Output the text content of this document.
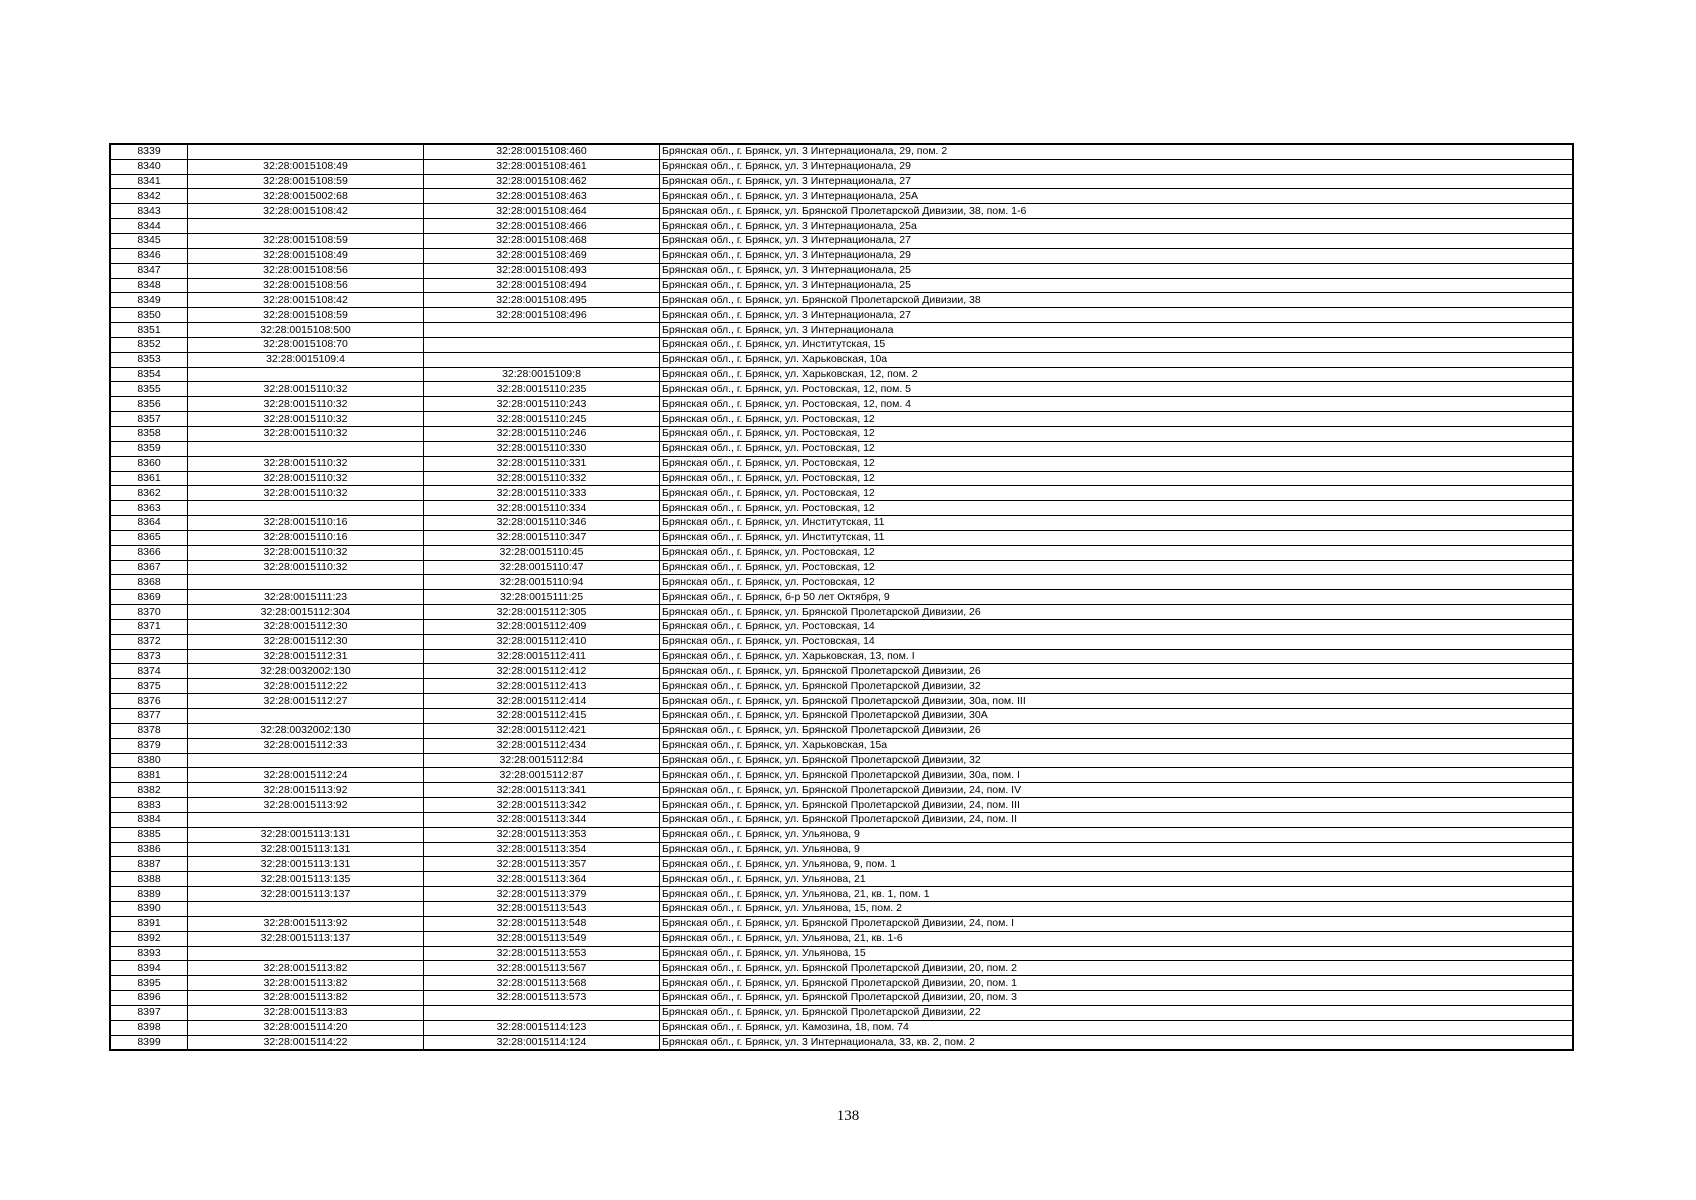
8339		32:28:0015108:460	Брянская обл., г. Брянск, ул. 3 Интернационала, 29, пом. 2
8340	32:28:0015108:49	32:28:0015108:461	Брянская обл., г. Брянск, ул. 3 Интернационала, 29
8341	32:28:0015108:59	32:28:0015108:462	Брянская обл., г. Брянск, ул. 3 Интернационала, 27
8342	32:28:0015002:68	32:28:0015108:463	Брянская обл., г. Брянск, ул. 3 Интернационала, 25А
8343	32:28:0015108:42	32:28:0015108:464	Брянская обл., г. Брянск, ул. Брянской Пролетарской Дивизии, 38, пом. 1-6
8344		32:28:0015108:466	Брянская обл., г. Брянск, ул. 3 Интернационала, 25а
8345	32:28:0015108:59	32:28:0015108:468	Брянская обл., г. Брянск, ул. 3 Интернационала, 27
8346	32:28:0015108:49	32:28:0015108:469	Брянская обл., г. Брянск, ул. 3 Интернационала, 29
8347	32:28:0015108:56	32:28:0015108:493	Брянская обл., г. Брянск, ул. 3 Интернационала, 25
8348	32:28:0015108:56	32:28:0015108:494	Брянская обл., г. Брянск, ул. 3 Интернационала, 25
8349	32:28:0015108:42	32:28:0015108:495	Брянская обл., г. Брянск, ул. Брянской Пролетарской Дивизии, 38
8350	32:28:0015108:59	32:28:0015108:496	Брянская обл., г. Брянск, ул. 3 Интернационала, 27
8351	32:28:0015108:500		Брянская обл., г. Брянск, ул. 3 Интернационала
8352	32:28:0015108:70		Брянская обл., г. Брянск, ул. Институтская, 15
8353	32:28:0015109:4		Брянская обл., г. Брянск, ул. Харьковская, 10а
8354		32:28:0015109:8	Брянская обл., г. Брянск, ул. Харьковская, 12, пом. 2
8355	32:28:0015110:32	32:28:0015110:235	Брянская обл., г. Брянск, ул. Ростовская, 12, пом. 5
8356	32:28:0015110:32	32:28:0015110:243	Брянская обл., г. Брянск, ул. Ростовская, 12, пом. 4
8357	32:28:0015110:32	32:28:0015110:245	Брянская обл., г. Брянск, ул. Ростовская, 12
8358	32:28:0015110:32	32:28:0015110:246	Брянская обл., г. Брянск, ул. Ростовская, 12
8359		32:28:0015110:330	Брянская обл., г. Брянск, ул. Ростовская, 12
8360	32:28:0015110:32	32:28:0015110:331	Брянская обл., г. Брянск, ул. Ростовская, 12
8361	32:28:0015110:32	32:28:0015110:332	Брянская обл., г. Брянск, ул. Ростовская, 12
8362	32:28:0015110:32	32:28:0015110:333	Брянская обл., г. Брянск, ул. Ростовская, 12
8363		32:28:0015110:334	Брянская обл., г. Брянск, ул. Ростовская, 12
8364	32:28:0015110:16	32:28:0015110:346	Брянская обл., г. Брянск, ул. Институтская, 11
8365	32:28:0015110:16	32:28:0015110:347	Брянская обл., г. Брянск, ул. Институтская, 11
8366	32:28:0015110:32	32:28:0015110:45	Брянская обл., г. Брянск, ул. Ростовская, 12
8367	32:28:0015110:32	32:28:0015110:47	Брянская обл., г. Брянск, ул. Ростовская, 12
8368		32:28:0015110:94	Брянская обл., г. Брянск, ул. Ростовская, 12
8369	32:28:0015111:23	32:28:0015111:25	Брянская обл., г. Брянск, б-р 50 лет Октября, 9
8370	32:28:0015112:304	32:28:0015112:305	Брянская обл., г. Брянск, ул. Брянской Пролетарской Дивизии, 26
8371	32:28:0015112:30	32:28:0015112:409	Брянская обл., г. Брянск, ул. Ростовская, 14
8372	32:28:0015112:30	32:28:0015112:410	Брянская обл., г. Брянск, ул. Ростовская, 14
8373	32:28:0015112:31	32:28:0015112:411	Брянская обл., г. Брянск, ул. Харьковская, 13, пом. I
8374	32:28:0032002:130	32:28:0015112:412	Брянская обл., г. Брянск, ул. Брянской Пролетарской Дивизии, 26
8375	32:28:0015112:22	32:28:0015112:413	Брянская обл., г. Брянск, ул. Брянской Пролетарской Дивизии, 32
8376	32:28:0015112:27	32:28:0015112:414	Брянская обл., г. Брянск, ул. Брянской Пролетарской Дивизии, 30а, пом. III
8377		32:28:0015112:415	Брянская обл., г. Брянск, ул. Брянской Пролетарской Дивизии, 30А
8378	32:28:0032002:130	32:28:0015112:421	Брянская обл., г. Брянск, ул. Брянской Пролетарской Дивизии, 26
8379	32:28:0015112:33	32:28:0015112:434	Брянская обл., г. Брянск, ул. Харьковская, 15а
8380		32:28:0015112:84	Брянская обл., г. Брянск, ул. Брянской Пролетарской Дивизии, 32
8381	32:28:0015112:24	32:28:0015112:87	Брянская обл., г. Брянск, ул. Брянской Пролетарской Дивизии, 30а, пом. I
8382	32:28:0015113:92	32:28:0015113:341	Брянская обл., г. Брянск, ул. Брянской Пролетарской Дивизии, 24, пом. IV
8383	32:28:0015113:92	32:28:0015113:342	Брянская обл., г. Брянск, ул. Брянской Пролетарской Дивизии, 24, пом. III
8384		32:28:0015113:344	Брянская обл., г. Брянск, ул. Брянской Пролетарской Дивизии, 24, пом. II
8385	32:28:0015113:131	32:28:0015113:353	Брянская обл., г. Брянск, ул. Ульянова, 9
8386	32:28:0015113:131	32:28:0015113:354	Брянская обл., г. Брянск, ул. Ульянова, 9
8387	32:28:0015113:131	32:28:0015113:357	Брянская обл., г. Брянск, ул. Ульянова, 9, пом. 1
8388	32:28:0015113:135	32:28:0015113:364	Брянская обл., г. Брянск, ул. Ульянова, 21
8389	32:28:0015113:137	32:28:0015113:379	Брянская обл., г. Брянск, ул. Ульянова, 21, кв. 1, пом. 1
8390		32:28:0015113:543	Брянская обл., г. Брянск, ул. Ульянова, 15, пом. 2
8391	32:28:0015113:92	32:28:0015113:548	Брянская обл., г. Брянск, ул. Брянской Пролетарской Дивизии, 24, пом. I
8392	32:28:0015113:137	32:28:0015113:549	Брянская обл., г. Брянск, ул. Ульянова, 21, кв. 1-6
8393		32:28:0015113:553	Брянская обл., г. Брянск, ул. Ульянова, 15
8394	32:28:0015113:82	32:28:0015113:567	Брянская обл., г. Брянск, ул. Брянской Пролетарской Дивизии, 20, пом. 2
8395	32:28:0015113:82	32:28:0015113:568	Брянская обл., г. Брянск, ул. Брянской Пролетарской Дивизии, 20, пом. 1
8396	32:28:0015113:82	32:28:0015113:573	Брянская обл., г. Брянск, ул. Брянской Пролетарской Дивизии, 20, пом. 3
8397	32:28:0015113:83		Брянская обл., г. Брянск, ул. Брянской Пролетарской Дивизии, 22
8398	32:28:0015114:20	32:28:0015114:123	Брянская обл., г. Брянск, ул. Камозина, 18, пом. 74
8399	32:28:0015114:22	32:28:0015114:124	Брянская обл., г. Брянск, ул. 3 Интернационала, 33, кв. 2, пом. 2
138
